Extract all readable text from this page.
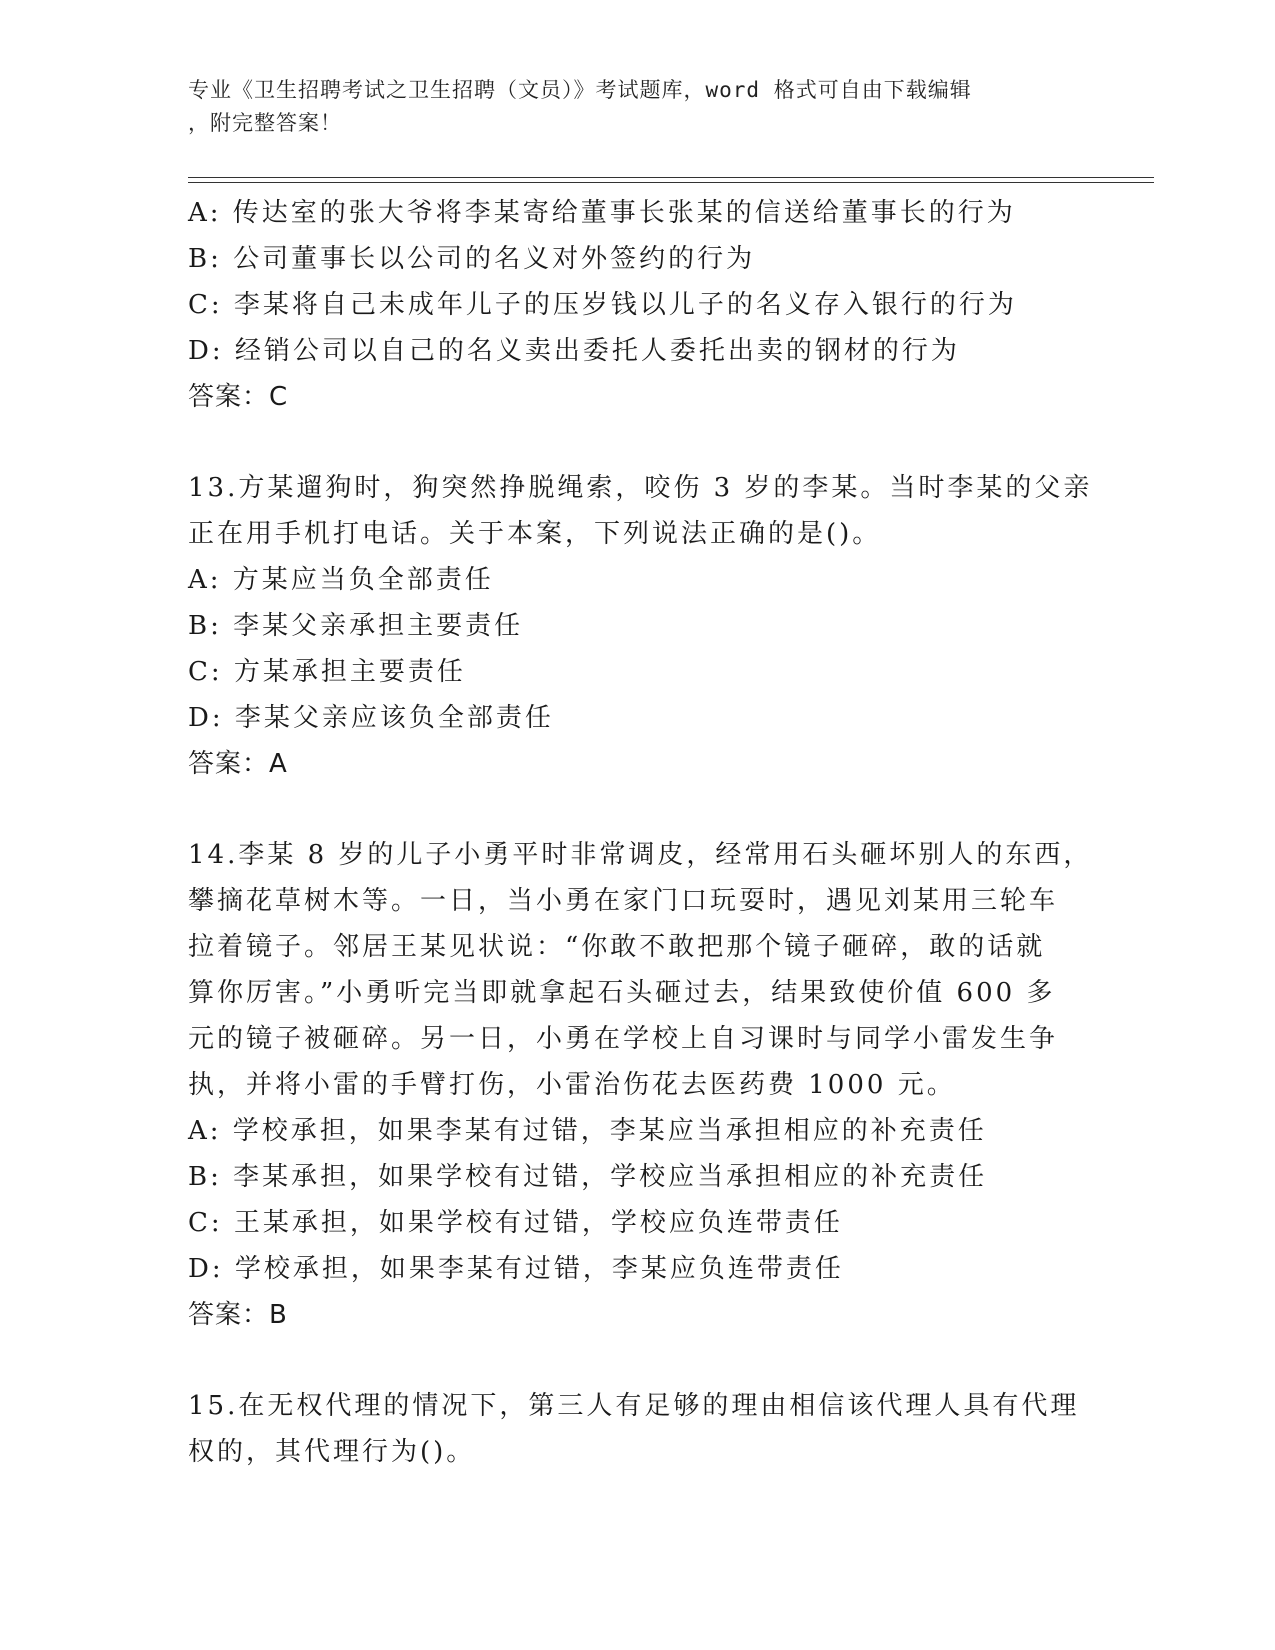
专业《卫生招聘考试之卫生招聘（文员）》考试题库，word 格式可自由下载编辑
，附完整答案！
A: 传达室的张大爷将李某寄给董事长张某的信送给董事长的行为
B: 公司董事长以公司的名义对外签约的行为
C: 李某将自己未成年儿子的压岁钱以儿子的名义存入银行的行为
D: 经销公司以自己的名义卖出委托人委托出卖的钢材的行为
答案：C
13.方某遛狗时，狗突然挣脱绳索，咬伤 3 岁的李某。当时李某的父亲
正在用手机打电话。关于本案，下列说法正确的是()。
A: 方某应当负全部责任
B: 李某父亲承担主要责任
C: 方某承担主要责任
D: 李某父亲应该负全部责任
答案：A
14.李某 8 岁的儿子小勇平时非常调皮，经常用石头砸坏别人的东西，
攀摘花草树木等。一日，当小勇在家门口玩耍时，遇见刘某用三轮车
拉着镜子。邻居王某见状说：“你敢不敢把那个镜子砸碎，敢的话就
算你厉害。”小勇听完当即就拿起石头砸过去，结果致使价值 600 多
元的镜子被砸碎。另一日，小勇在学校上自习课时与同学小雷发生争
执，并将小雷的手臂打伤，小雷治伤花去医药费 1000 元。
A: 学校承担，如果李某有过错，李某应当承担相应的补充责任
B: 李某承担，如果学校有过错，学校应当承担相应的补充责任
C: 王某承担，如果学校有过错，学校应负连带责任
D: 学校承担，如果李某有过错，李某应负连带责任
答案：B
15.在无权代理的情况下，第三人有足够的理由相信该代理人具有代理
权的，其代理行为()。
